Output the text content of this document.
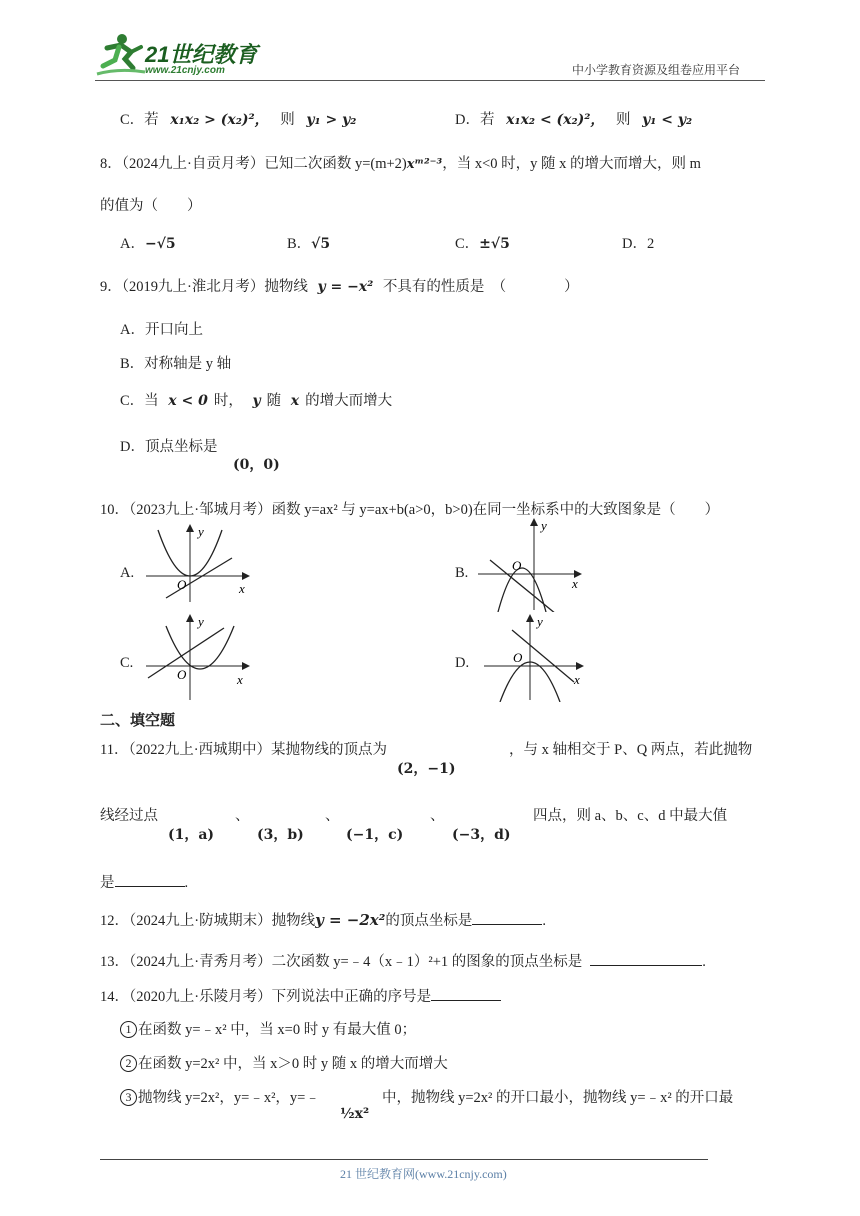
21世纪教育
www.21cnjy.com	中小学教育资源及组卷应用平台
C．若 x₁x₂ > (x₂)²， 则 y₁ > y₂	D．若 x₁x₂ < (x₂)²， 则 y₁ < y₂
8．（2024九上·自贡月考）已知二次函数 y=(m+2)xᵐ²⁻³，当 x<0 时，y 随 x 的增大而增大，则 m
的值为（　　）
A．−√5	B．√5	C．±√5	D．2
9．（2019九上·淮北月考）抛物线 y = −x² 不具有的性质是　（　　　　）
A．开口向上
B．对称轴是 y 轴
C．当 x < 0 时， y 随 x 的增大而增大
D．顶点坐标是
(0，0)
10．（2023九上·邹城月考）函数 y=ax² 与 y=ax+b(a>0，b>0)在同一坐标系中的大致图象是（　　）
A.
x
y
O
B.
x
y
O
C.
x
y
O
D.
x
y
O
二、填空题
11．（2022九上·西城期中）某抛物线的顶点为
(2，−1)
，与 x 轴相交于 P、Q 两点，若此抛物
线经过点
(1，a)
、
(3，b)
、
(−1，c)
、
(−3，d)
四点，则 a、b、c、d 中最大值
是	.
12．（2024九上·防城期末）抛物线y = −2x²的顶点坐标是	.
13．（2024九上·青秀月考）二次函数 y=﹣4（x﹣1）²+1 的图象的顶点坐标是	.
14．（2020九上·乐陵月考）下列说法中正确的序号是
1 在函数 y=﹣x² 中，当 x=0 时 y 有最大值 0；
2 在函数 y=2x² 中，当 x＞0 时 y 随 x 的增大而增大
3 抛物线 y=2x²，y=﹣x²，y=﹣
½x²
中，抛物线 y=2x² 的开口最小，抛物线 y=﹣x² 的开口最
21 世纪教育网(www.21cnjy.com)
